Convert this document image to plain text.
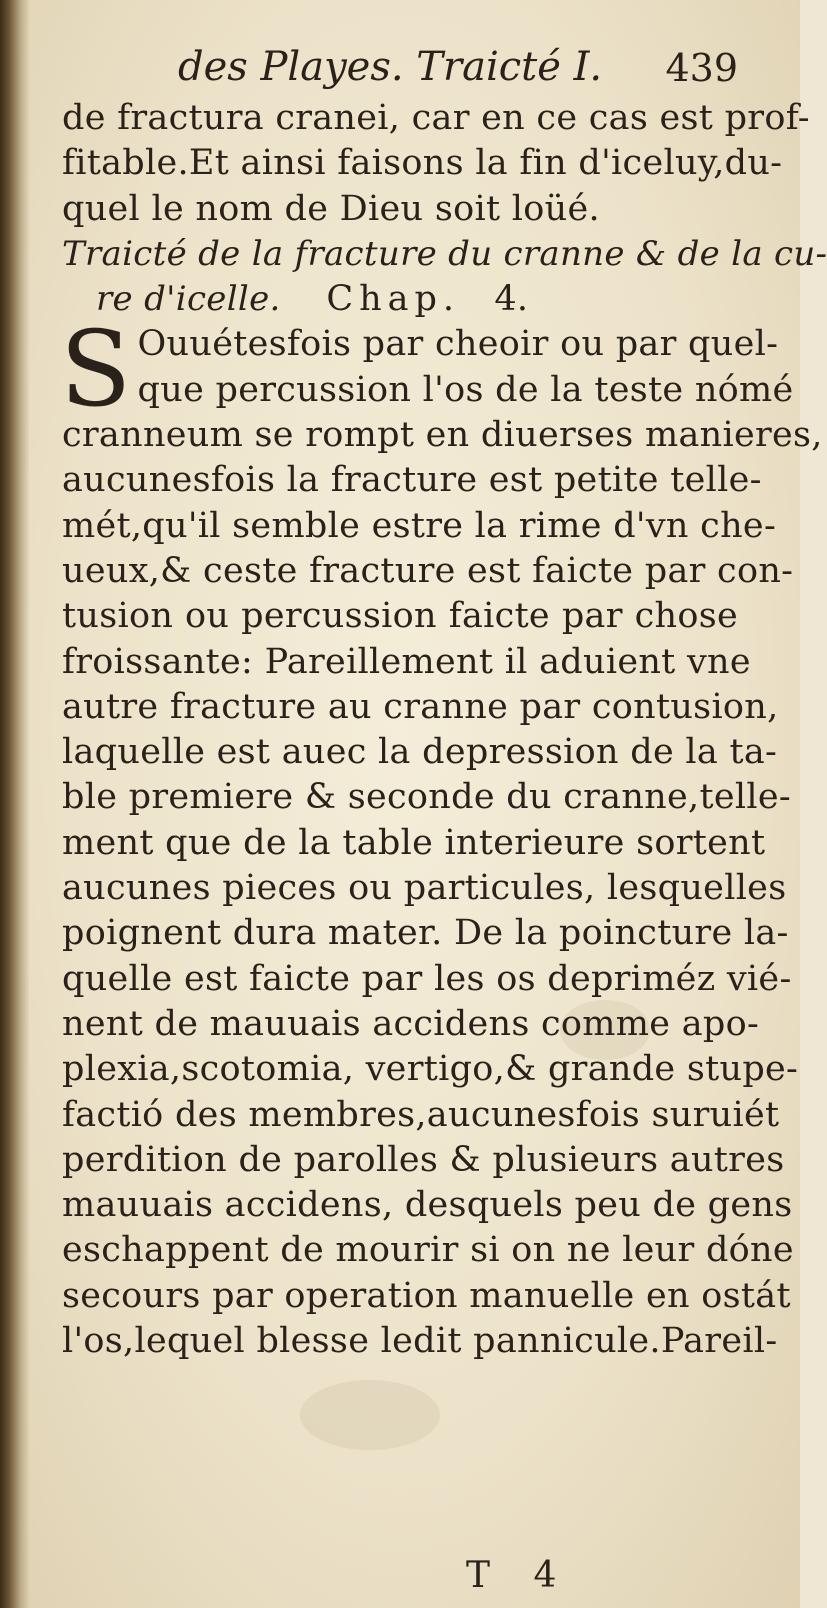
des Playes. Traicté I. 439
de fractura cranei, car en ce cas est prof-
fitable.Et ainsi faisons la fin d'iceluy,du-
quel le nom de Dieu soit loüé.
Traicté de la fracture du cranne & de la cu-
re d'icelle. Chap. 4.
S Ouuétesfois par cheoir ou par quel-
que percussion l'os de la teste nómé
cranneum se rompt en diuerses manieres,
aucunesfois la fracture est petite telle-
mét,qu'il semble estre la rime d'vn che-
ueux,& ceste fracture est faicte par con-
tusion ou percussion faicte par chose
froissante: Pareillement il aduient vne
autre fracture au cranne par contusion,
laquelle est auec la depression de la ta-
ble premiere & seconde du cranne,telle-
ment que de la table interieure sortent
aucunes pieces ou particules, lesquelles
poignent dura mater. De la poincture la-
quelle est faicte par les os depriméz vié-
nent de mauuais accidens comme apo-
plexia,scotomia, vertigo,& grande stupe-
factió des membres,aucunesfois suruiét
perdition de parolles & plusieurs autres
mauuais accidens, desquels peu de gens
eschappent de mourir si on ne leur dóne
secours par operation manuelle en ostát
l'os,lequel blesse ledit pannicule.Pareil-
T 4
